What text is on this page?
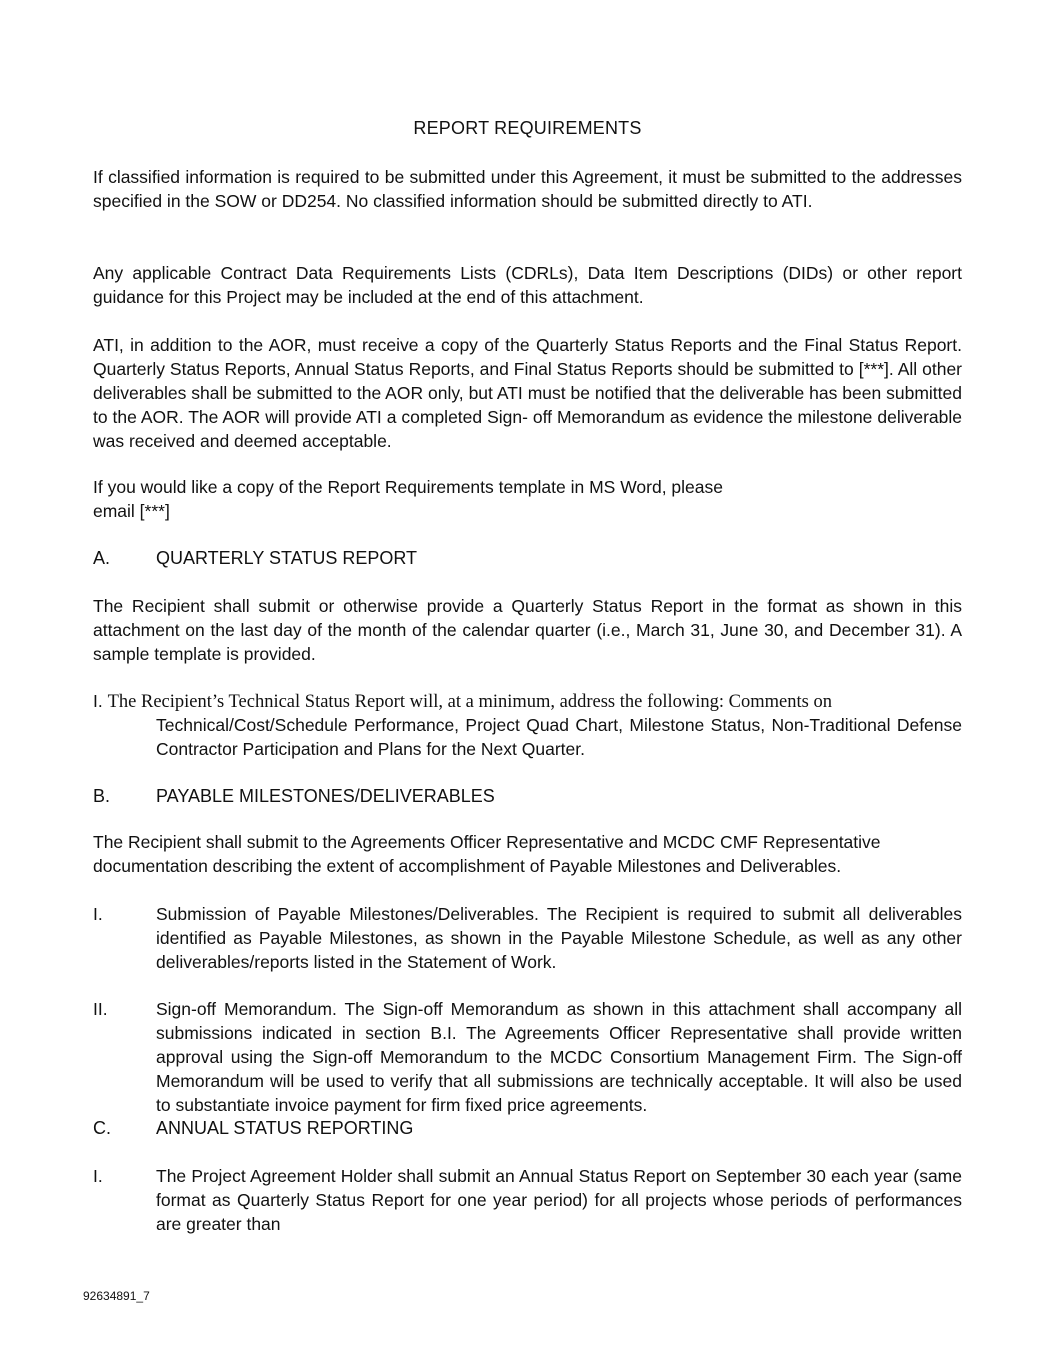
REPORT REQUIREMENTS
If classified information is required to be submitted under this Agreement, it must be submitted to the addresses specified in the SOW or DD254. No classified information should be submitted directly to ATI.
Any applicable Contract Data Requirements Lists (CDRLs), Data Item Descriptions (DIDs) or other report guidance for this Project may be included at the end of this attachment.
ATI, in addition to the AOR, must receive a copy of the Quarterly Status Reports and the Final Status Report. Quarterly Status Reports, Annual Status Reports, and Final Status Reports should be submitted to [***]. All other deliverables shall be submitted to the AOR only, but ATI must be notified that the deliverable has been submitted to the AOR. The AOR will provide ATI a completed Sign- off Memorandum as evidence the milestone deliverable was received and deemed acceptable.
If you would like a copy of the Report Requirements template in MS Word, please
email [***]
A.	QUARTERLY STATUS REPORT
The Recipient shall submit or otherwise provide a Quarterly Status Report in the format as shown in this attachment on the last day of the month of the calendar quarter (i.e., March 31, June 30, and December 31). A sample template is provided.
I. The Recipient’s Technical Status Report will, at a minimum, address the following: Comments on
Technical/Cost/Schedule Performance, Project Quad Chart, Milestone Status, Non-Traditional Defense Contractor Participation and Plans for the Next Quarter.
B.	PAYABLE MILESTONES/DELIVERABLES
The Recipient shall submit to the Agreements Officer Representative and MCDC CMF Representative documentation describing the extent of accomplishment of Payable Milestones and Deliverables.
I.	Submission of Payable Milestones/Deliverables. The Recipient is required to submit all deliverables identified as Payable Milestones, as shown in the Payable Milestone Schedule, as well as any other deliverables/reports listed in the Statement of Work.
II.	Sign-off Memorandum. The Sign-off Memorandum as shown in this attachment shall accompany all submissions indicated in section B.I. The Agreements Officer Representative shall provide written approval using the Sign-off Memorandum to the MCDC Consortium Management Firm. The Sign-off Memorandum will be used to verify that all submissions are technically acceptable. It will also be used to substantiate invoice payment for firm fixed price agreements.
C.	ANNUAL STATUS REPORTING
I.	The Project Agreement Holder shall submit an Annual Status Report on September 30 each year (same format as Quarterly Status Report for one year period) for all projects whose periods of performances are greater than
92634891_7
